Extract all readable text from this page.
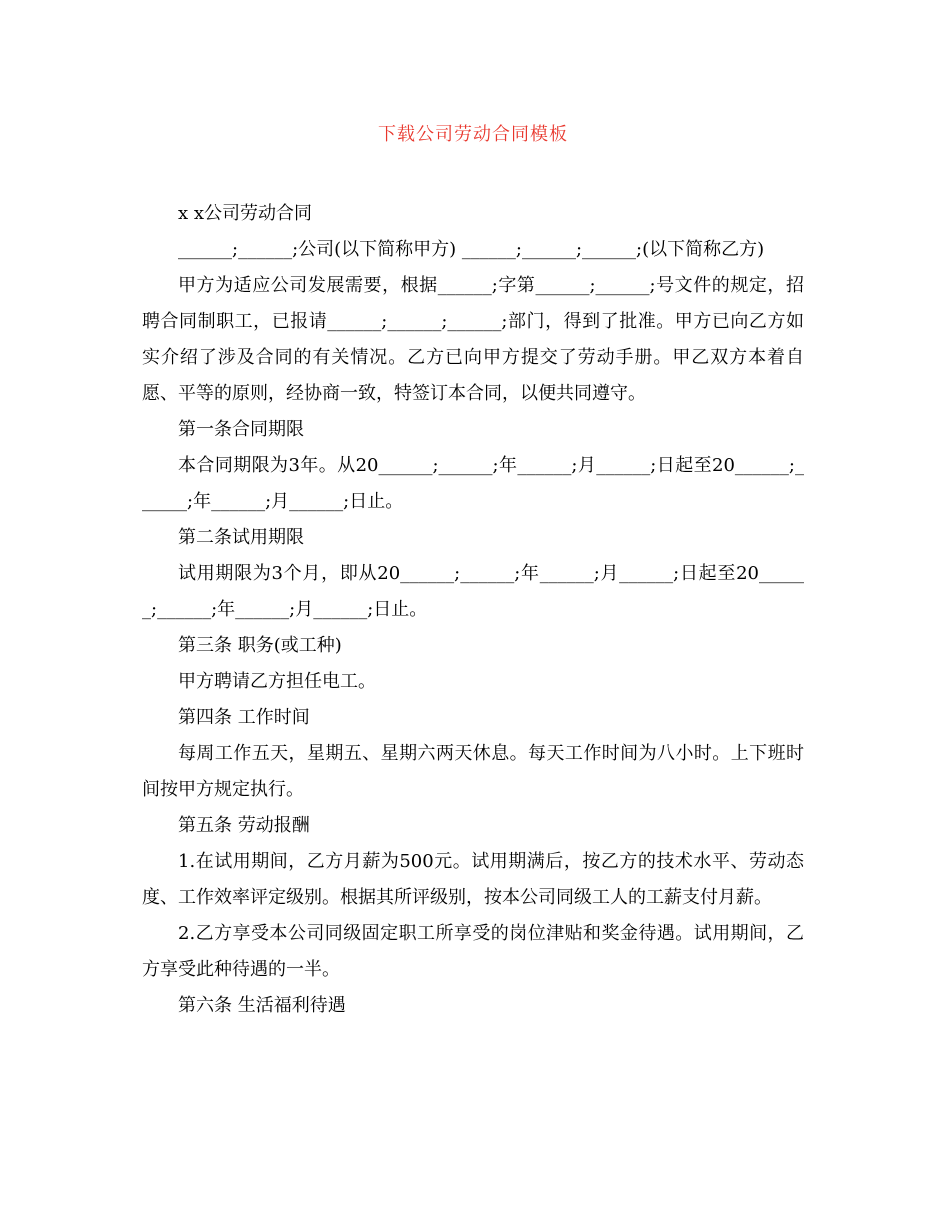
下载公司劳动合同模板

x x公司劳动合同

______;______;公司(以下简称甲方) ______;______;______;(以下简称乙方)

甲方为适应公司发展需要，根据______;字第______;______;号文件的规定，招聘合同制职工，已报请______;______;______;部门，得到了批准。甲方已向乙方如实介绍了涉及合同的有关情况。乙方已向甲方提交了劳动手册。甲乙双方本着自愿、平等的原则，经协商一致，特签订本合同，以便共同遵守。

第一条合同期限

本合同期限为3年。从20______;______;年______;月______;日起至20______;______;年______;月______;日止。

第二条试用期限

试用期限为3个月，即从20______;______;年______;月______;日起至20______;______;年______;月______;日止。

第三条 职务(或工种)

甲方聘请乙方担任电工。

第四条 工作时间

每周工作五天，星期五、星期六两天休息。每天工作时间为八小时。上下班时间按甲方规定执行。

第五条 劳动报酬

1.在试用期间，乙方月薪为500元。试用期满后，按乙方的技术水平、劳动态度、工作效率评定级别。根据其所评级别，按本公司同级工人的工薪支付月薪。

2.乙方享受本公司同级固定职工所享受的岗位津贴和奖金待遇。试用期间，乙方享受此种待遇的一半。

第六条 生活福利待遇
